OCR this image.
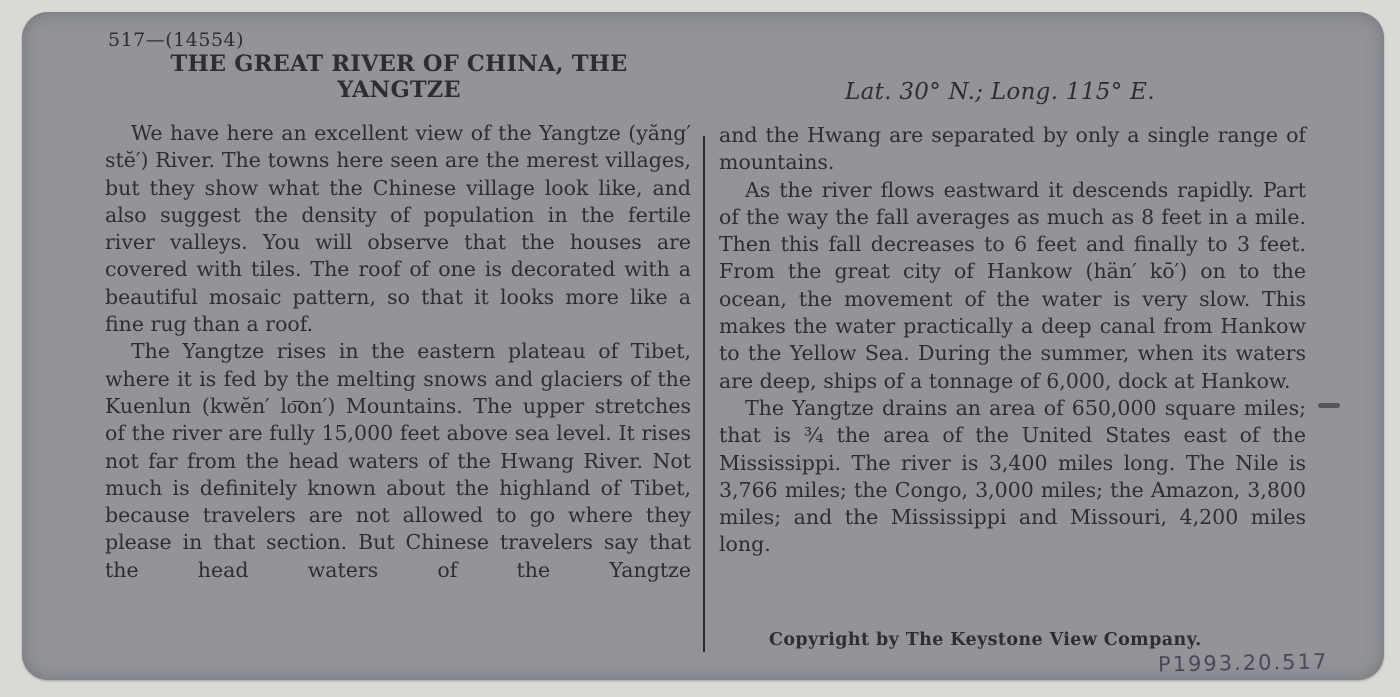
517—(14554)
THE GREAT RIVER OF CHINA, THE
YANGTZE	Lat. 30° N.; Long. 115° E.

We have here an excellent view of the Yangtze (yăng′ stĕ′) River. The towns here seen are the merest villages, but they show what the Chinese village look like, and also suggest the density of population in the fertile river valleys. You will observe that the houses are covered with tiles. The roof of one is decorated with a beautiful mosaic pattern, so that it looks more like a fine rug than a roof.

The Yangtze rises in the eastern plateau of Tibet, where it is fed by the melting snows and glaciers of the Kuenlun (kwĕn′ lo͞on′) Mountains. The upper stretches of the river are fully 15,000 feet above sea level. It rises not far from the head waters of the Hwang River. Not much is definitely known about the highland of Tibet, because travelers are not allowed to go where they please in that section. But Chinese travelers say that the head waters of the Yangtze

and the Hwang are separated by only a single range of mountains.

As the river flows eastward it descends rapidly. Part of the way the fall averages as much as 8 feet in a mile. Then this fall decreases to 6 feet and finally to 3 feet. From the great city of Hankow (hän′ kō′) on to the ocean, the movement of the water is very slow. This makes the water practically a deep canal from Hankow to the Yellow Sea. During the summer, when its waters are deep, ships of a tonnage of 6,000, dock at Hankow.

The Yangtze drains an area of 650,000 square miles; that is ¾ the area of the United States east of the Mississippi. The river is 3,400 miles long. The Nile is 3,766 miles; the Congo, 3,000 miles; the Amazon, 3,800 miles; and the Mississippi and Missouri, 4,200 miles long.

Copyright by The Keystone View Company.
P1993.20.517
